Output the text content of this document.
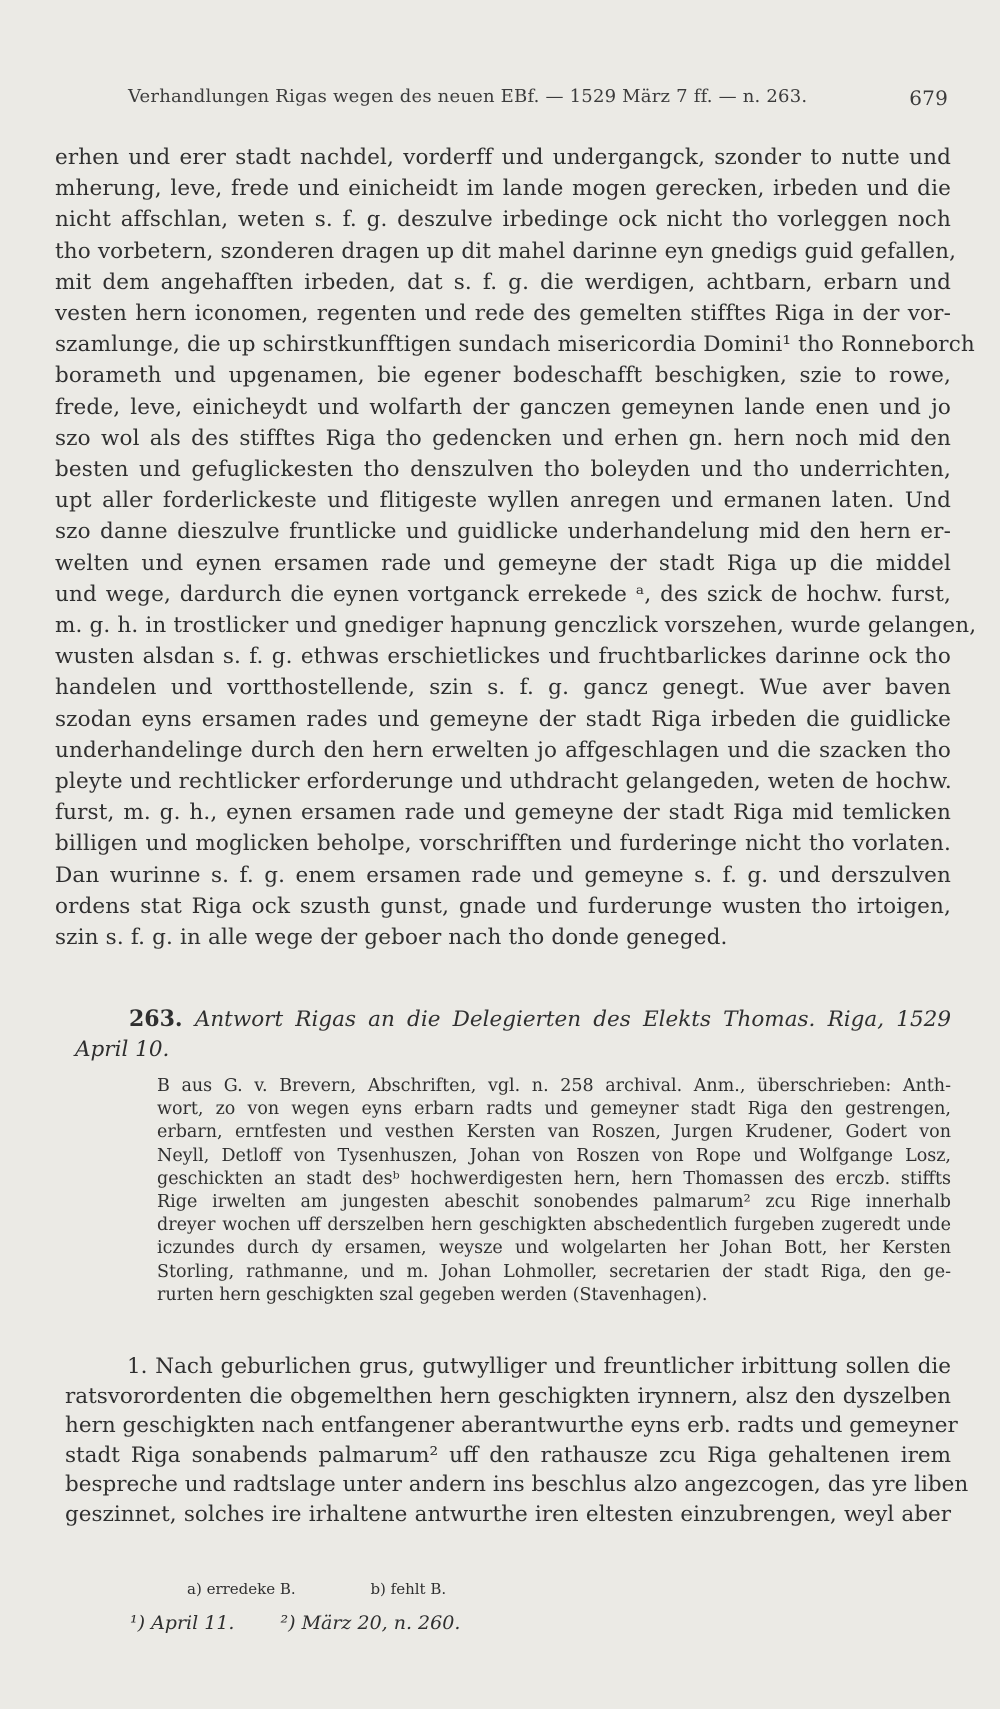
Verhandlungen Rigas wegen des neuen EBf. — 1529 März 7 ff. — n. 263.	679
erhen und erer stadt nachdel, vorderff und undergangck, szonder to nutte und
mherung, leve, frede und einicheidt im lande mogen gerecken, irbeden und die
nicht affschlan, weten s. f. g. deszulve irbedinge ock nicht tho vorleggen noch
tho vorbetern, szonderen dragen up dit mahel darinne eyn gnedigs guid gefallen,
mit dem angehafften irbeden, dat s. f. g. die werdigen, achtbarn, erbarn und
vesten hern iconomen, regenten und rede des gemelten stifftes Riga in der vor-
szamlunge, die up schirstkunfftigen sundach misericordia Domini¹ tho Ronneborch
borameth und upgenamen, bie egener bodeschafft beschigken, szie to rowe,
frede, leve, einicheydt und wolfarth der ganczen gemeynen lande enen und jo
szo wol als des stifftes Riga tho gedencken und erhen gn. hern noch mid den
besten und gefuglickesten tho denszulven tho boleyden und tho underrichten,
upt aller forderlickeste und flitigeste wyllen anregen und ermanen laten. Und
szo danne dieszulve fruntlicke und guidlicke underhandelung mid den hern er-
welten und eynen ersamen rade und gemeyne der stadt Riga up die middel
und wege, dardurch die eynen vortganck errekede ᵃ, des szick de hochw. furst,
m. g. h. in trostlicker und gnediger hapnung genczlick vorszehen, wurde gelangen,
wusten alsdan s. f. g. ethwas erschietlickes und fruchtbarlickes darinne ock tho
handelen und vortthostellende, szin s. f. g. gancz genegt. Wue aver baven
szodan eyns ersamen rades und gemeyne der stadt Riga irbeden die guidlicke
underhandelinge durch den hern erwelten jo affgeschlagen und die szacken tho
pleyte und rechtlicker erforderunge und uthdracht gelangeden, weten de hochw.
furst, m. g. h., eynen ersamen rade und gemeyne der stadt Riga mid temlicken
billigen und moglicken beholpe, vorschrifften und furderinge nicht tho vorlaten.
Dan wurinne s. f. g. enem ersamen rade und gemeyne s. f. g. und derszulven
ordens stat Riga ock szusth gunst, gnade und furderunge wusten tho irtoigen,
szin s. f. g. in alle wege der geboer nach tho donde geneged.
263. Antwort Rigas an die Delegierten des Elekts Thomas. Riga, 1529
April 10.
B aus G. v. Brevern, Abschriften, vgl. n. 258 archival. Anm., überschrieben: Anth-
wort, zo von wegen eyns erbarn radts und gemeyner stadt Riga den gestrengen,
erbarn, erntfesten und vesthen Kersten van Roszen, Jurgen Krudener, Godert von
Neyll, Detloff von Tysenhuszen, Johan von Roszen von Rope und Wolfgange Losz,
geschickten an stadt desᵇ hochwerdigesten hern, hern Thomassen des erczb. stiffts
Rige irwelten am jungesten abeschit sonobendes palmarum² zcu Rige innerhalb
dreyer wochen uff derszelben hern geschigkten abschedentlich furgeben zugeredt unde
iczundes durch dy ersamen, weysze und wolgelarten her Johan Bott, her Kersten
Storling, rathmanne, und m. Johan Lohmoller, secretarien der stadt Riga, den ge-
rurten hern geschigkten szal gegeben werden (Stavenhagen).
1. Nach geburlichen grus, gutwylliger und freuntlicher irbittung sollen die
ratsvorordenten die obgemelthen hern geschigkten irynnern, alsz den dyszelben
hern geschigkten nach entfangener aberantwurthe eyns erb. radts und gemeyner
stadt Riga sonabends palmarum² uff den rathausze zcu Riga gehaltenen irem
bespreche und radtslage unter andern ins beschlus alzo angezcogen, das yre liben
geszinnet, solches ire irhaltene antwurthe iren eltesten einzubrengen, weyl aber
a) erredeke B.	b) fehlt B.
¹) April 11. ²) März 20, n. 260.
